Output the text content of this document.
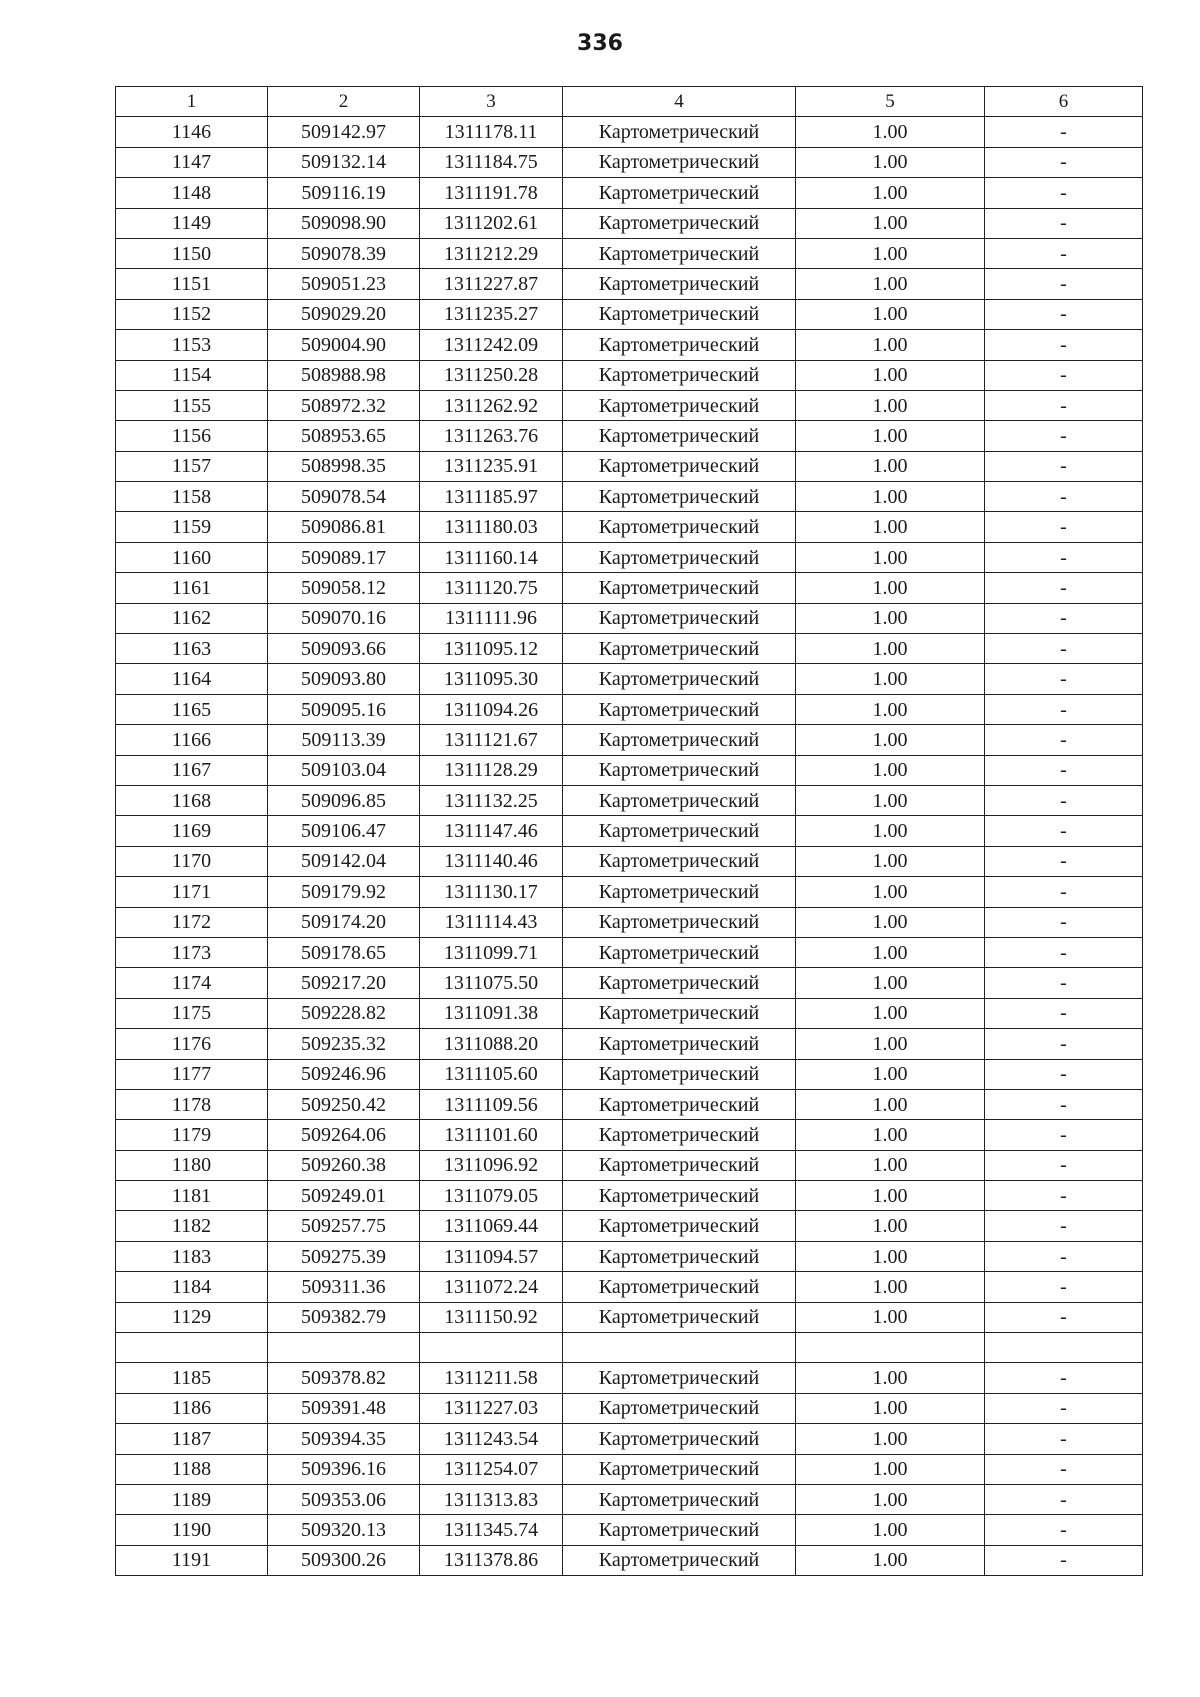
336
1	2	3	4	5	6
1146	509142.97	1311178.11	Картометрический	1.00	-
1147	509132.14	1311184.75	Картометрический	1.00	-
1148	509116.19	1311191.78	Картометрический	1.00	-
1149	509098.90	1311202.61	Картометрический	1.00	-
1150	509078.39	1311212.29	Картометрический	1.00	-
1151	509051.23	1311227.87	Картометрический	1.00	-
1152	509029.20	1311235.27	Картометрический	1.00	-
1153	509004.90	1311242.09	Картометрический	1.00	-
1154	508988.98	1311250.28	Картометрический	1.00	-
1155	508972.32	1311262.92	Картометрический	1.00	-
1156	508953.65	1311263.76	Картометрический	1.00	-
1157	508998.35	1311235.91	Картометрический	1.00	-
1158	509078.54	1311185.97	Картометрический	1.00	-
1159	509086.81	1311180.03	Картометрический	1.00	-
1160	509089.17	1311160.14	Картометрический	1.00	-
1161	509058.12	1311120.75	Картометрический	1.00	-
1162	509070.16	1311111.96	Картометрический	1.00	-
1163	509093.66	1311095.12	Картометрический	1.00	-
1164	509093.80	1311095.30	Картометрический	1.00	-
1165	509095.16	1311094.26	Картометрический	1.00	-
1166	509113.39	1311121.67	Картометрический	1.00	-
1167	509103.04	1311128.29	Картометрический	1.00	-
1168	509096.85	1311132.25	Картометрический	1.00	-
1169	509106.47	1311147.46	Картометрический	1.00	-
1170	509142.04	1311140.46	Картометрический	1.00	-
1171	509179.92	1311130.17	Картометрический	1.00	-
1172	509174.20	1311114.43	Картометрический	1.00	-
1173	509178.65	1311099.71	Картометрический	1.00	-
1174	509217.20	1311075.50	Картометрический	1.00	-
1175	509228.82	1311091.38	Картометрический	1.00	-
1176	509235.32	1311088.20	Картометрический	1.00	-
1177	509246.96	1311105.60	Картометрический	1.00	-
1178	509250.42	1311109.56	Картометрический	1.00	-
1179	509264.06	1311101.60	Картометрический	1.00	-
1180	509260.38	1311096.92	Картометрический	1.00	-
1181	509249.01	1311079.05	Картометрический	1.00	-
1182	509257.75	1311069.44	Картометрический	1.00	-
1183	509275.39	1311094.57	Картометрический	1.00	-
1184	509311.36	1311072.24	Картометрический	1.00	-
1129	509382.79	1311150.92	Картометрический	1.00	-

1185	509378.82	1311211.58	Картометрический	1.00	-
1186	509391.48	1311227.03	Картометрический	1.00	-
1187	509394.35	1311243.54	Картометрический	1.00	-
1188	509396.16	1311254.07	Картометрический	1.00	-
1189	509353.06	1311313.83	Картометрический	1.00	-
1190	509320.13	1311345.74	Картометрический	1.00	-
1191	509300.26	1311378.86	Картометрический	1.00	-
